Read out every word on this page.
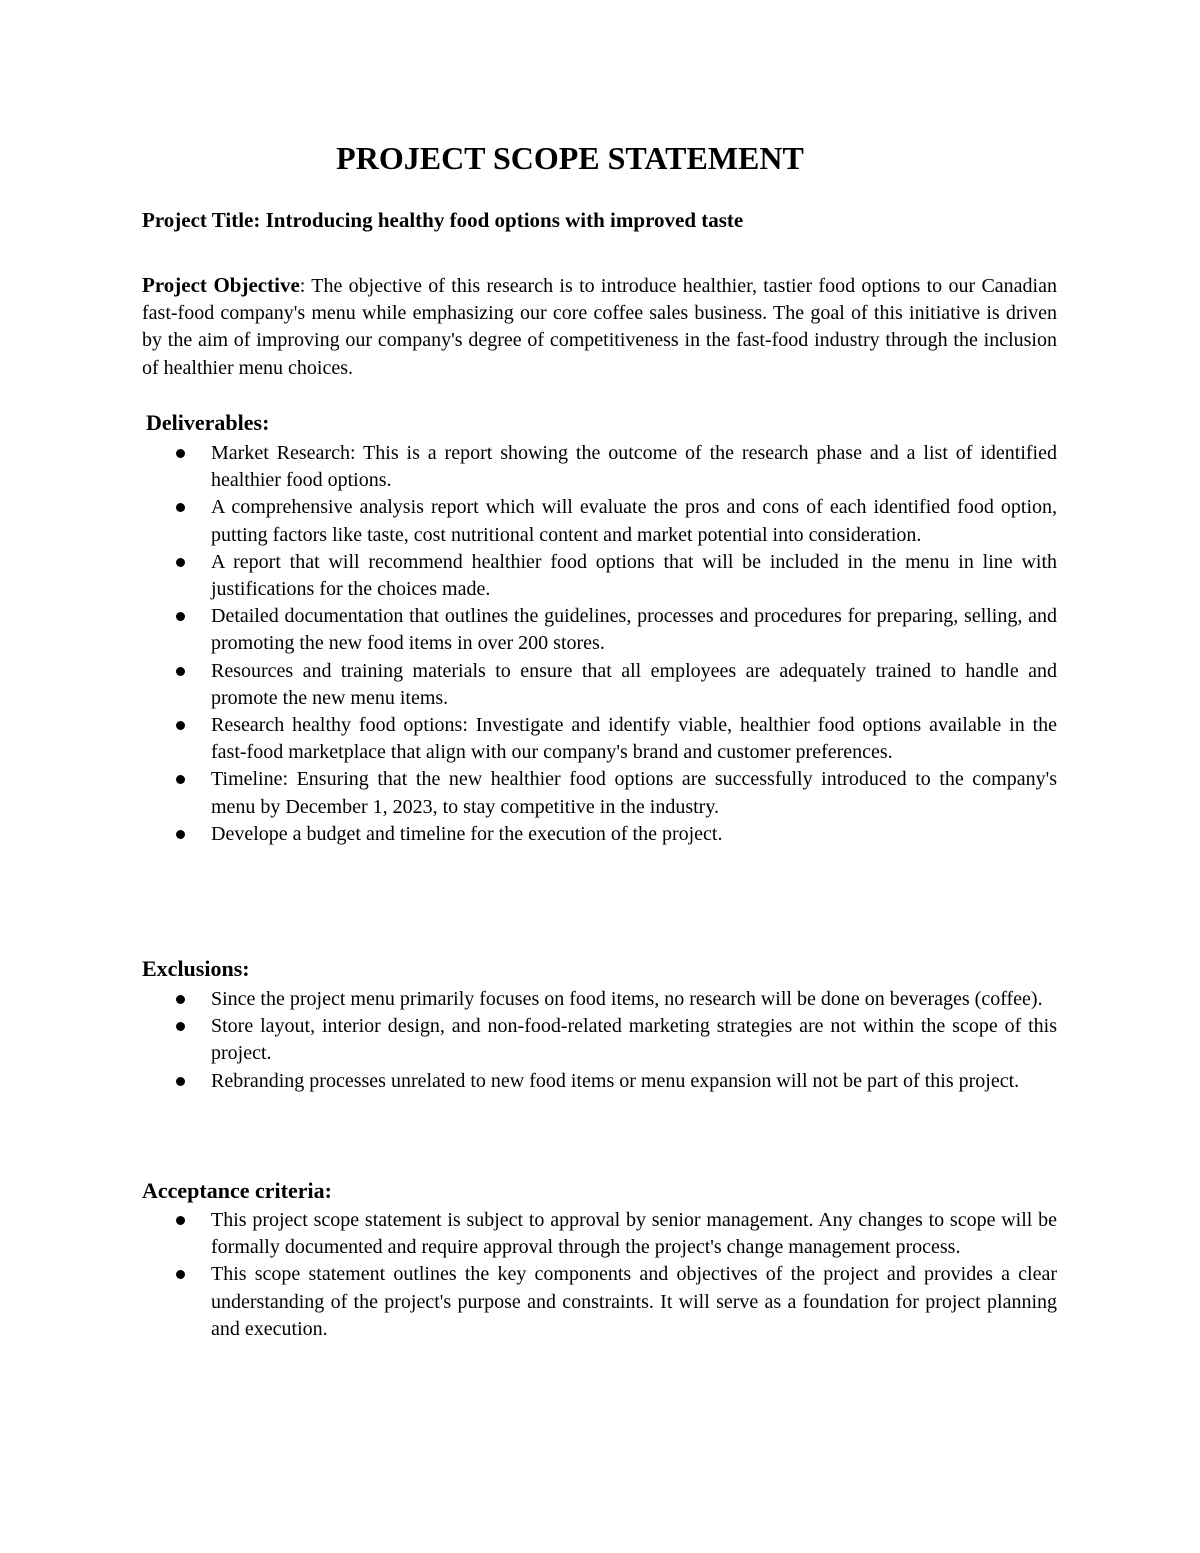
PROJECT SCOPE STATEMENT

Project Title: Introducing healthy food options with improved taste

Project Objective: The objective of this research is to introduce healthier, tastier food options to our Canadian fast-food company's menu while emphasizing our core coffee sales business. The goal of this initiative is driven by the aim of improving our company's degree of competitiveness in the fast-food industry through the inclusion of healthier menu choices.

Deliverables:
Market Research: This is a report showing the outcome of the research phase and a list of identified healthier food options.
A comprehensive analysis report which will evaluate the pros and cons of each identified food option, putting factors like taste, cost nutritional content and market potential into consideration.
A report that will recommend healthier food options that will be included in the menu in line with justifications for the choices made.
Detailed documentation that outlines the guidelines, processes and procedures for preparing, selling, and promoting the new food items in over 200 stores.
Resources and training materials to ensure that all employees are adequately trained to handle and promote the new menu items.
Research healthy food options: Investigate and identify viable, healthier food options available in the fast-food marketplace that align with our company's brand and customer preferences.
Timeline: Ensuring that the new healthier food options are successfully introduced to the company's menu by December 1, 2023, to stay competitive in the industry.
Develope a budget and timeline for the execution of the project.
Exclusions:
Since the project menu primarily focuses on food items, no research will be done on beverages (coffee).
Store layout, interior design, and non-food-related marketing strategies are not within the scope of this project.
Rebranding processes unrelated to new food items or menu expansion will not be part of this project.
Acceptance criteria:
This project scope statement is subject to approval by senior management. Any changes to scope will be formally documented and require approval through the project's change management process.
This scope statement outlines the key components and objectives of the project and provides a clear understanding of the project's purpose and constraints. It will serve as a foundation for project planning and execution.
